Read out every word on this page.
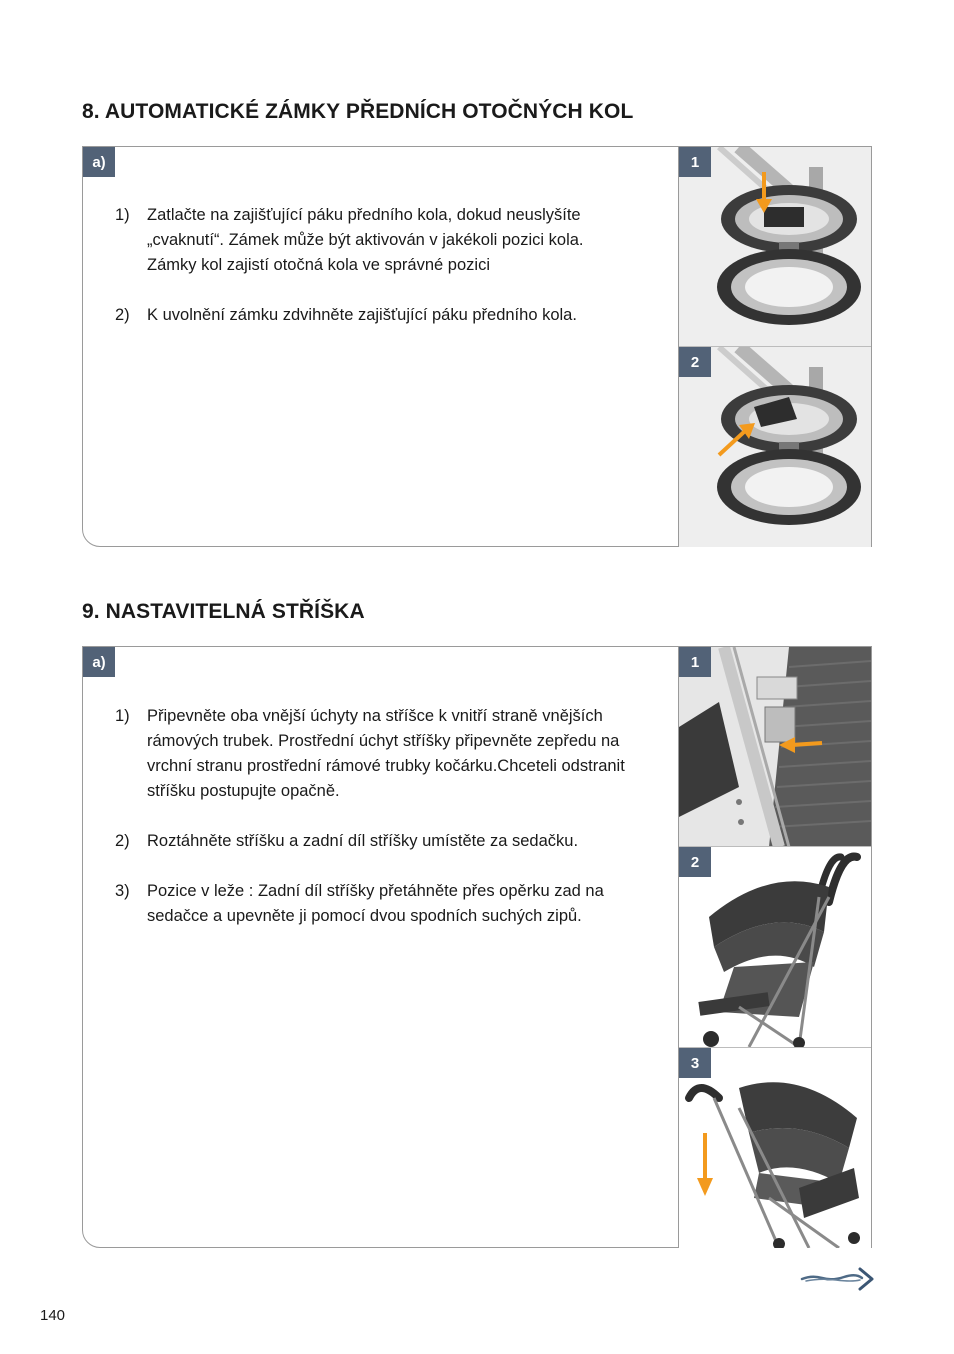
8. AUTOMATICKÉ ZÁMKY PŘEDNÍCH OTOČNÝCH KOL
a)
1)	Zatlačte na zajišťující páku předního kola, dokud neuslyšíte „cvaknutí“. Zámek může být aktivován v jakékoli pozici kola. Zámky kol zajistí otočná kola ve správné pozici
2)	K uvolnění zámku zdvihněte zajišťující páku předního kola.
1
2
9. NASTAVITELNÁ STŘÍŠKA
a)
1)	Připevněte oba vnější úchyty na stříšce k vnitří straně vnějších rámových trubek. Prostřední úchyt stříšky připevněte zepředu na vrchní stranu prostřední rámové trubky kočárku.Chceteli odstranit stříšku postupujte opačně.
2)	Roztáhněte stříšku a zadní díl stříšky umístěte za sedačku.
3)	Pozice v leže : Zadní díl stříšky přetáhněte přes opěrku zad na sedačce a upevněte ji pomocí dvou spodních suchých zipů.
1
2
3
140
